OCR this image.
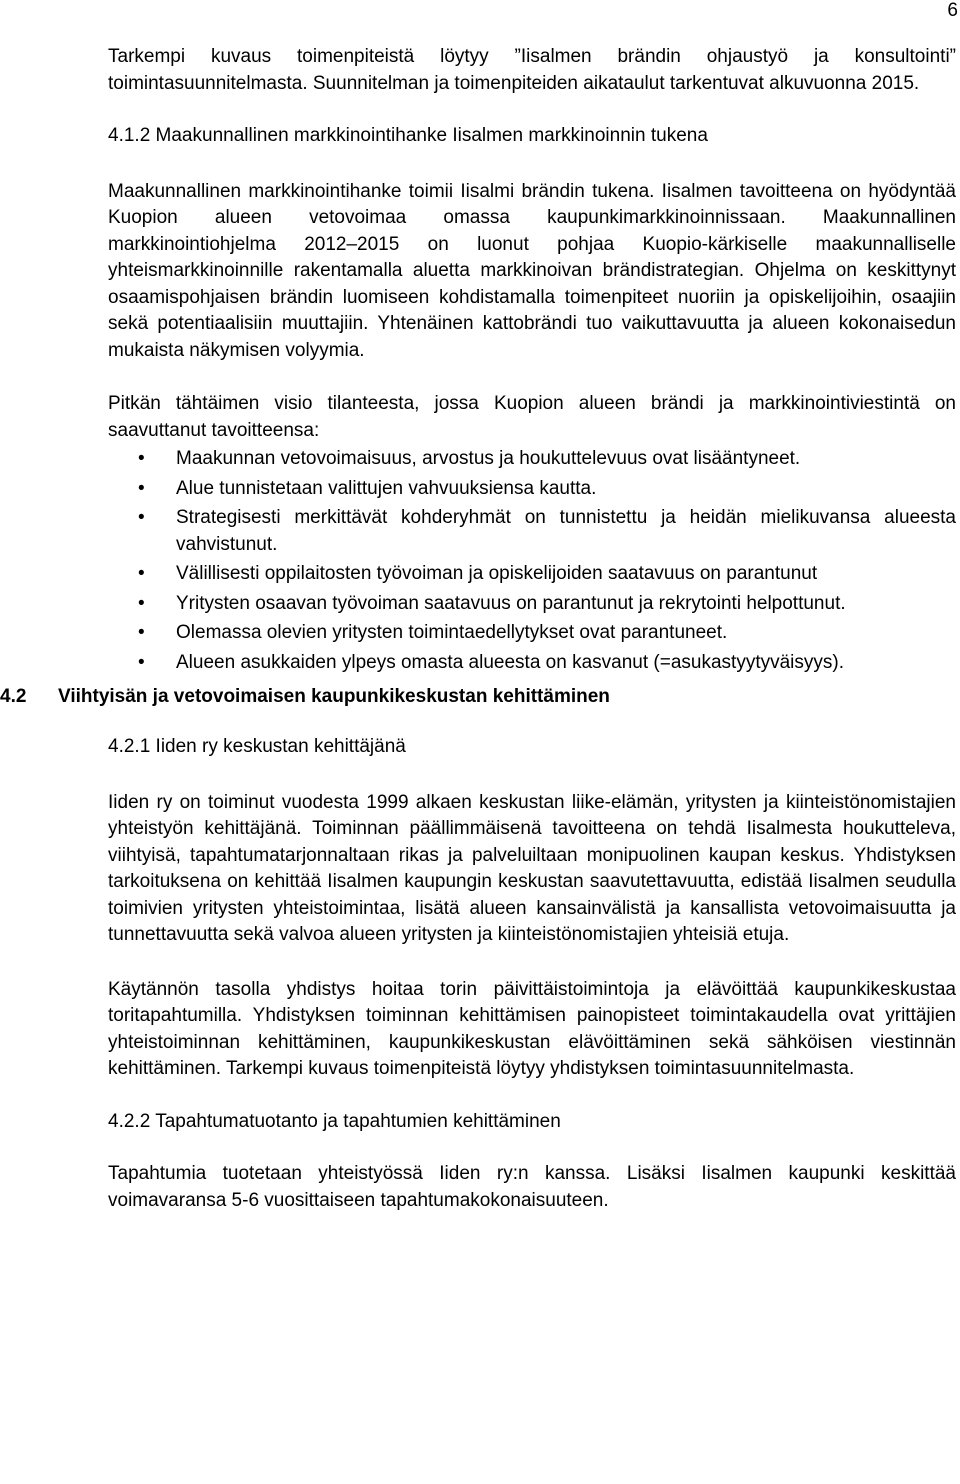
6

Tarkempi kuvaus toimenpiteistä löytyy ”Iisalmen brändin ohjaustyö ja konsultointi” toimintasuunnitelmasta. Suunnitelman ja toimenpiteiden aikataulut tarkentuvat alkuvuonna 2015.

4.1.2 Maakunnallinen markkinointihanke Iisalmen markkinoinnin tukena

Maakunnallinen markkinointihanke toimii Iisalmi brändin tukena. Iisalmen tavoitteena on hyödyntää Kuopion alueen vetovoimaa omassa kaupunkimarkkinoinnissaan. Maakunnallinen markkinointiohjelma 2012–2015 on luonut pohjaa Kuopio-kärkiselle maakunnalliselle yhteismarkkinoinnille rakentamalla aluetta markkinoivan brändistrategian. Ohjelma on keskittynyt osaamispohjaisen brändin luomiseen kohdistamalla toimenpiteet nuoriin ja opiskelijoihin, osaajiin sekä potentiaalisiin muuttajiin. Yhtenäinen kattobrändi tuo vaikuttavuutta ja alueen kokonaisedun mukaista näkymisen volyymia.

Pitkän tähtäimen visio tilanteesta, jossa Kuopion alueen brändi ja markkinointiviestintä on saavuttanut tavoitteensa:

• Maakunnan vetovoimaisuus, arvostus ja houkuttelevuus ovat lisääntyneet.
• Alue tunnistetaan valittujen vahvuuksiensa kautta.
• Strategisesti merkittävät kohderyhmät on tunnistettu ja heidän mielikuvansa alueesta vahvistunut.
• Välillisesti oppilaitosten työvoiman ja opiskelijoiden saatavuus on parantunut
• Yritysten osaavan työvoiman saatavuus on parantunut ja rekrytointi helpottunut.
• Olemassa olevien yritysten toimintaedellytykset ovat parantuneet.
• Alueen asukkaiden ylpeys omasta alueesta on kasvanut (=asukastyytyväisyys).
4.2 Viihtyisän ja vetovoimaisen kaupunkikeskustan kehittäminen
4.2.1 Iiden ry keskustan kehittäjänä

Iiden ry on toiminut vuodesta 1999 alkaen keskustan liike-elämän, yritysten ja kiinteistönomistajien yhteistyön kehittäjänä. Toiminnan päällimmäisenä tavoitteena on tehdä Iisalmesta houkutteleva, viihtyisä, tapahtumatarjonnaltaan rikas ja palveluiltaan monipuolinen kaupan keskus. Yhdistyksen tarkoituksena on kehittää Iisalmen kaupungin keskustan saavutettavuutta, edistää Iisalmen seudulla toimivien yritysten yhteistoimintaa, lisätä alueen kansainvälistä ja kansallista vetovoimaisuutta ja tunnettavuutta sekä valvoa alueen yritysten ja kiinteistönomistajien yhteisiä etuja.

Käytännön tasolla yhdistys hoitaa torin päivittäistoimintoja ja elävöittää kaupunkikeskustaa toritapahtumilla. Yhdistyksen toiminnan kehittämisen painopisteet toimintakaudella ovat yrittäjien yhteistoiminnan kehittäminen, kaupunkikeskustan elävöittäminen sekä sähköisen viestinnän kehittäminen. Tarkempi kuvaus toimenpiteistä löytyy yhdistyksen toimintasuunnitelmasta.

4.2.2 Tapahtumatuotanto ja tapahtumien kehittäminen

Tapahtumia tuotetaan yhteistyössä Iiden ry:n kanssa. Lisäksi Iisalmen kaupunki keskittää voimavaransa 5-6 vuosittaiseen tapahtumakokonaisuuteen.
